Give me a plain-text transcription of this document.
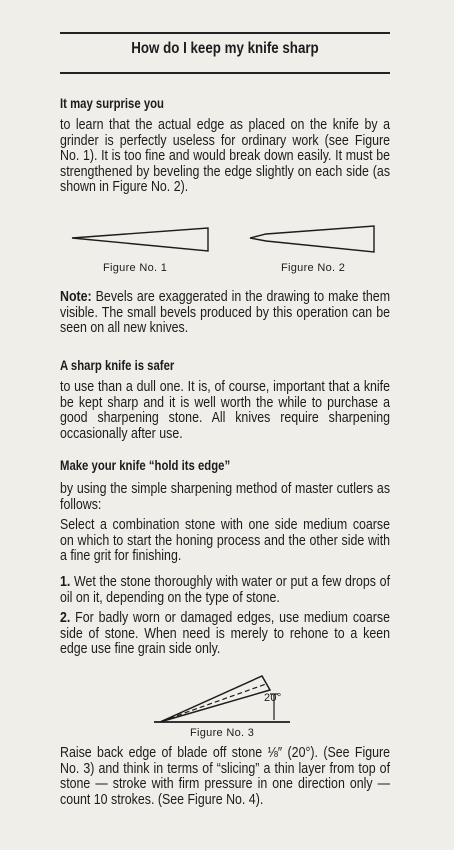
How do I keep my knife sharp
It may surprise you
to learn that the actual edge as placed on the knife by a grinder is perfectly useless for ordinary work (see Figure No. 1). It is too fine and would break down easily. It must be strengthened by beveling the edge slightly on each side (as shown in Figure No. 2).
Figure No. 1	Figure No. 2
Note: Bevels are exaggerated in the drawing to make them visible. The small bevels produced by this operation can be seen on all new knives.
A sharp knife is safer
to use than a dull one. It is, of course, important that a knife be kept sharp and it is well worth the while to purchase a good sharpening stone. All knives require sharpening occasionally after use.
Make your knife “hold its edge”
by using the simple sharpening method of master cutlers as follows:
Select a combination stone with one side medium coarse on which to start the honing process and the other side with a fine grit for finishing.
1. Wet the stone thoroughly with water or put a few drops of oil on it, depending on the type of stone.
2. For badly worn or damaged edges, use medium coarse side of stone. When need is merely to rehone to a keen edge use fine grain side only.
20°
Figure No. 3
Raise back edge of blade off stone ⅛″ (20°). (See Figure No. 3) and think in terms of “slicing” a thin layer from top of stone — stroke with firm pressure in one direction only — count 10 strokes. (See Figure No. 4).
